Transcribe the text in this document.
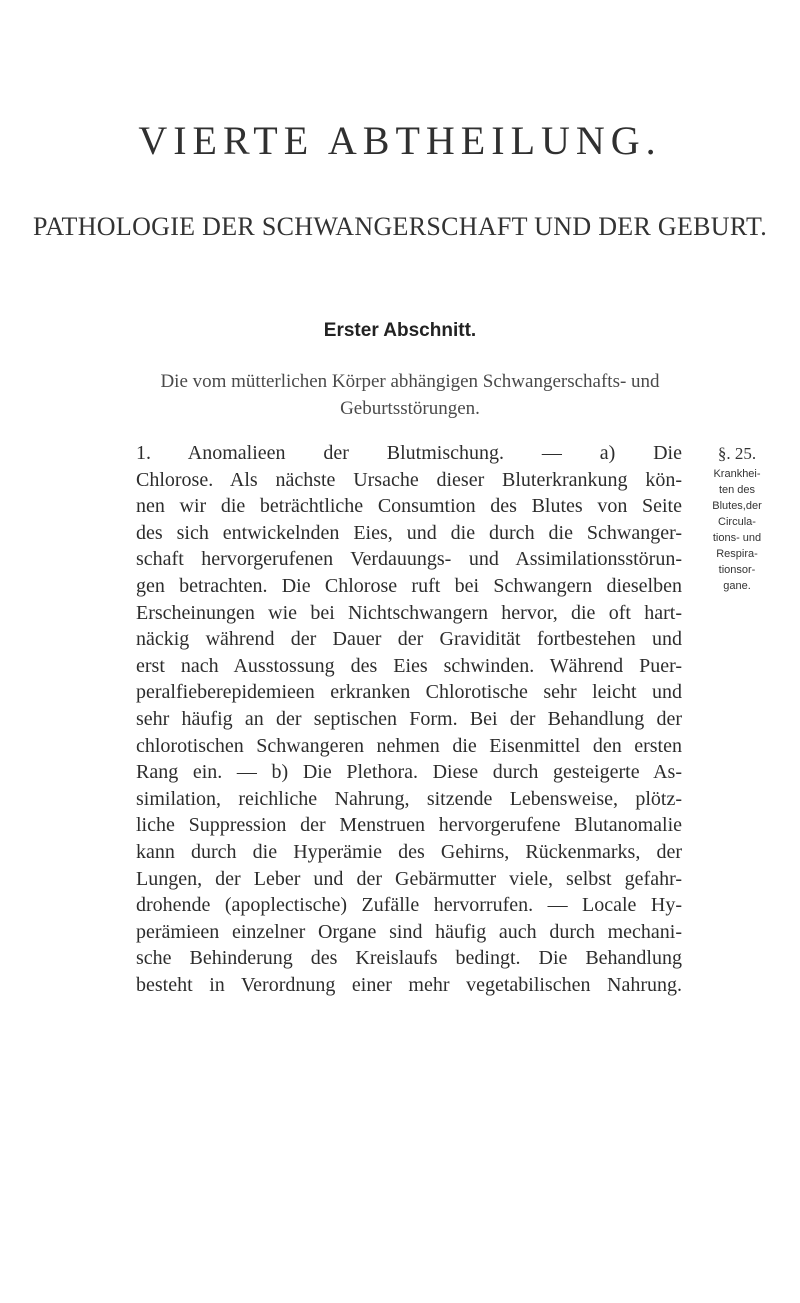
VIERTE ABTHEILUNG.
PATHOLOGIE DER SCHWANGERSCHAFT UND DER GEBURT.
Erster Abschnitt.
Die vom mütterlichen Körper abhängigen Schwangerschafts- und Geburtsstörungen.
1. Anomalieen der Blutmischung. — a) Die
Chlorose. Als nächste Ursache dieser Bluterkrankung kön-
nen wir die beträchtliche Consumtion des Blutes von Seite
des sich entwickelnden Eies, und die durch die Schwanger-
schaft hervorgerufenen Verdauungs- und Assimilationsstörun-
gen betrachten. Die Chlorose ruft bei Schwangern dieselben
Erscheinungen wie bei Nichtschwangern hervor, die oft hart-
näckig während der Dauer der Gravidität fortbestehen und
erst nach Ausstossung des Eies schwinden. Während Puer-
peralfieberepidemieen erkranken Chlorotische sehr leicht und
sehr häufig an der septischen Form. Bei der Behandlung der
chlorotischen Schwangeren nehmen die Eisenmittel den ersten
Rang ein. — b) Die Plethora. Diese durch gesteigerte As-
similation, reichliche Nahrung, sitzende Lebensweise, plötz-
liche Suppression der Menstruen hervorgerufene Blutanomalie
kann durch die Hyperämie des Gehirns, Rückenmarks, der
Lungen, der Leber und der Gebärmutter viele, selbst gefahr-
drohende (apoplectische) Zufälle hervorrufen. — Locale Hy-
perämieen einzelner Organe sind häufig auch durch mechani-
sche Behinderung des Kreislaufs bedingt. Die Behandlung
besteht in Verordnung einer mehr vegetabilischen Nahrung.
§. 25.
Krankhei-
ten des
Blutes,der
Circula-
tions- und
Respira-
tionsor-
gane.
